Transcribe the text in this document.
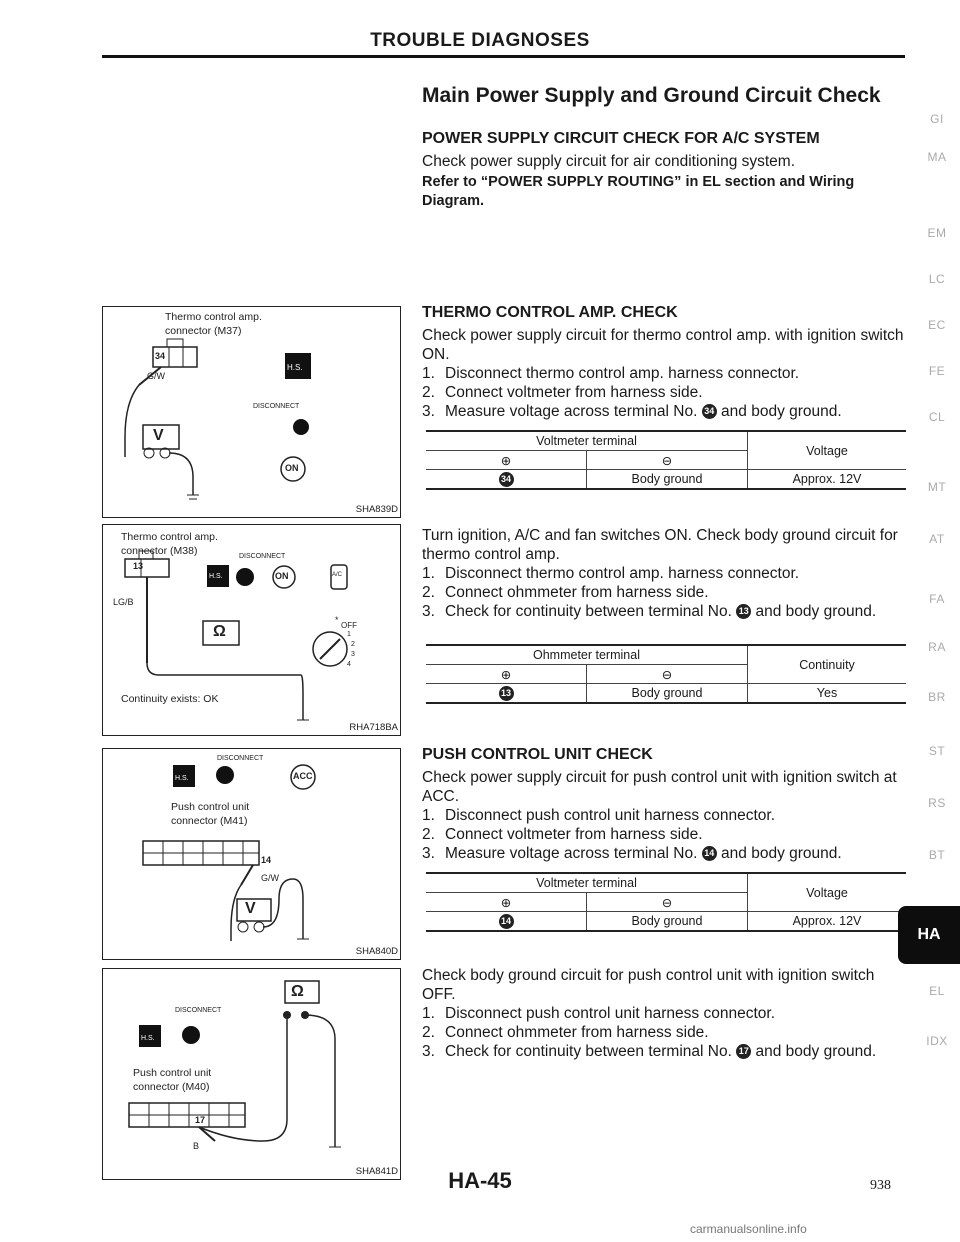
TROUBLE DIAGNOSES
Main Power Supply and Ground Circuit Check
POWER SUPPLY CIRCUIT CHECK FOR A/C SYSTEM
Check power supply circuit for air conditioning system.
Refer to “POWER SUPPLY ROUTING” in EL section and Wiring Diagram.
THERMO CONTROL AMP. CHECK
Check power supply circuit for thermo control amp. with ignition switch ON.
1. Disconnect thermo control amp. harness connector.
2. Connect voltmeter from harness side.
3. Measure voltage across terminal No. 34 and body ground.
Voltmeter terminal		Voltage
⊕	⊖	
34	Body ground	Approx. 12V
Turn ignition, A/C and fan switches ON. Check body ground circuit for thermo control amp.
1. Disconnect thermo control amp. harness connector.
2. Connect ohmmeter from harness side.
3. Check for continuity between terminal No. 13 and body ground.
Ohmmeter terminal		Continuity
⊕	⊖	
13	Body ground	Yes
PUSH CONTROL UNIT CHECK
Check power supply circuit for push control unit with ignition switch at ACC.
1. Disconnect push control unit harness connector.
2. Connect voltmeter from harness side.
3. Measure voltage across terminal No. 14 and body ground.
Voltmeter terminal		Voltage
⊕	⊖	
14	Body ground	Approx. 12V
Check body ground circuit for push control unit with ignition switch OFF.
1. Disconnect push control unit harness connector.
2. Connect ohmmeter from harness side.
3. Check for continuity between terminal No. 17 and body ground.
Thermo control amp.
connector (M37)
34
G/W
V
H.S.
DISCONNECT
ON
SHA839D
Thermo control amp.
connector (M38)
13
LG/B
Ω
H.S.
DISCONNECT
ON	A/C
OFF
1
2
3
4
*
Continuity exists: OK
RHA718BA
DISCONNECT
H.S.	ACC
Push control unit
connector (M41)
14
G/W
V
SHA840D
DISCONNECT
H.S.
Ω
Push control unit
connector (M40)
17
B
SHA841D
GI
MA
EM
LC
EC
FE
CL
MT
AT
FA
RA
BR
ST
RS
BT
HA
EL
IDX
HA-45	938
carmanualsonline.info
